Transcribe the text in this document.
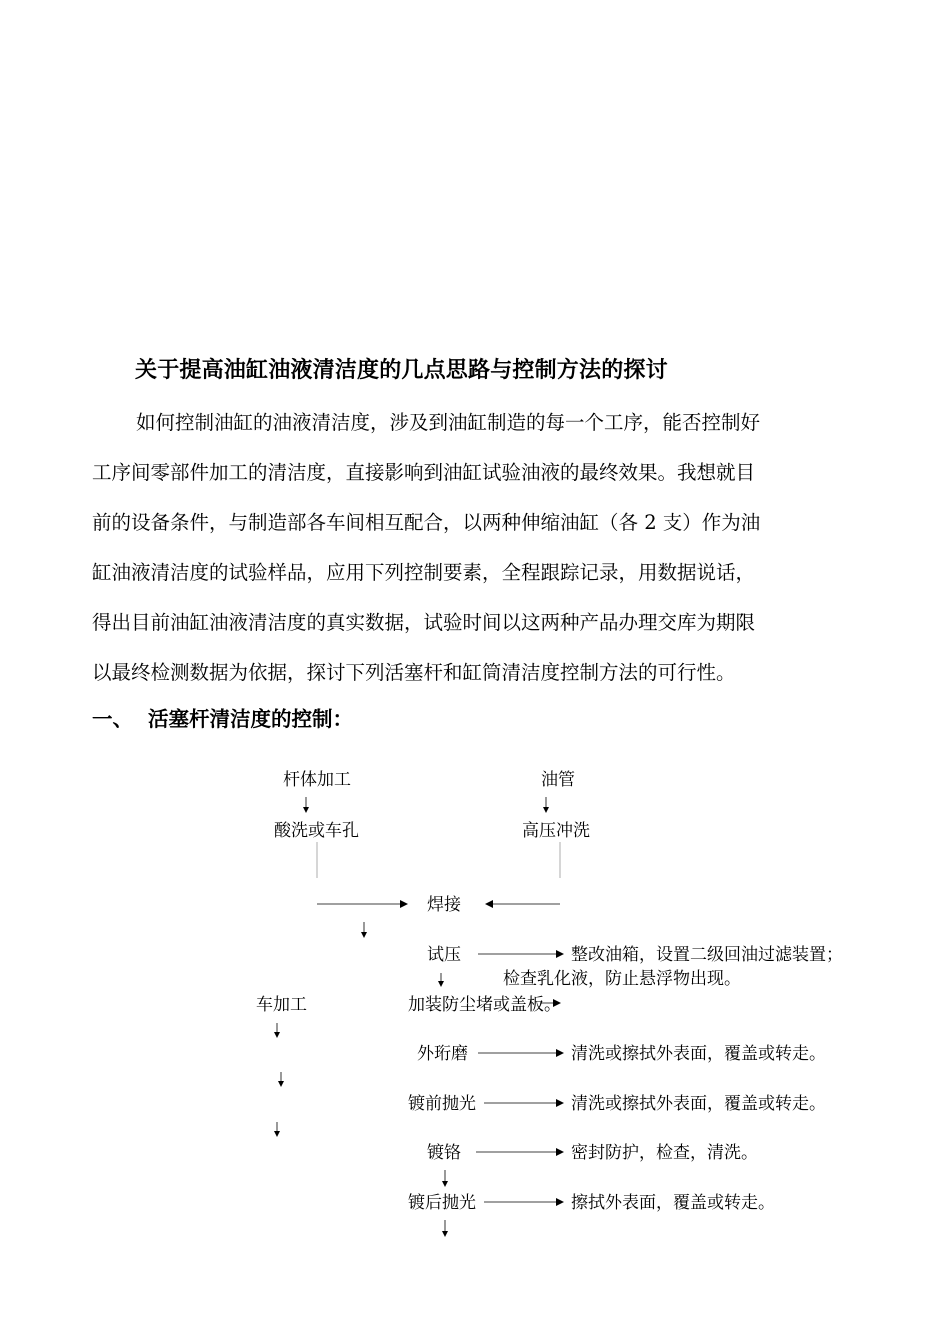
关于提高油缸油液清洁度的几点思路与控制方法的探讨
如何控制油缸的油液清洁度，涉及到油缸制造的每一个工序，能否控制好
工序间零部件加工的清洁度，直接影响到油缸试验油液的最终效果。我想就目
前的设备条件，与制造部各车间相互配合，以两种伸缩油缸（各 2 支）作为油
缸油液清洁度的试验样品，应用下列控制要素，全程跟踪记录，用数据说话，
得出目前油缸油液清洁度的真实数据，试验时间以这两种产品办理交库为期限
以最终检测数据为依据，探讨下列活塞杆和缸筒清洁度控制方法的可行性。
一、 活塞杆清洁度的控制：
杆体加工	油管
酸洗或车孔	高压冲洗
焊接
试压	整改油箱，设置二级回油过滤装置；
检查乳化液，防止悬浮物出现。
车加工	加装防尘堵或盖板。
外珩磨	清洗或擦拭外表面，覆盖或转走。
镀前抛光	清洗或擦拭外表面，覆盖或转走。
镀铬	密封防护，检查，清洗。
镀后抛光	擦拭外表面，覆盖或转走。
